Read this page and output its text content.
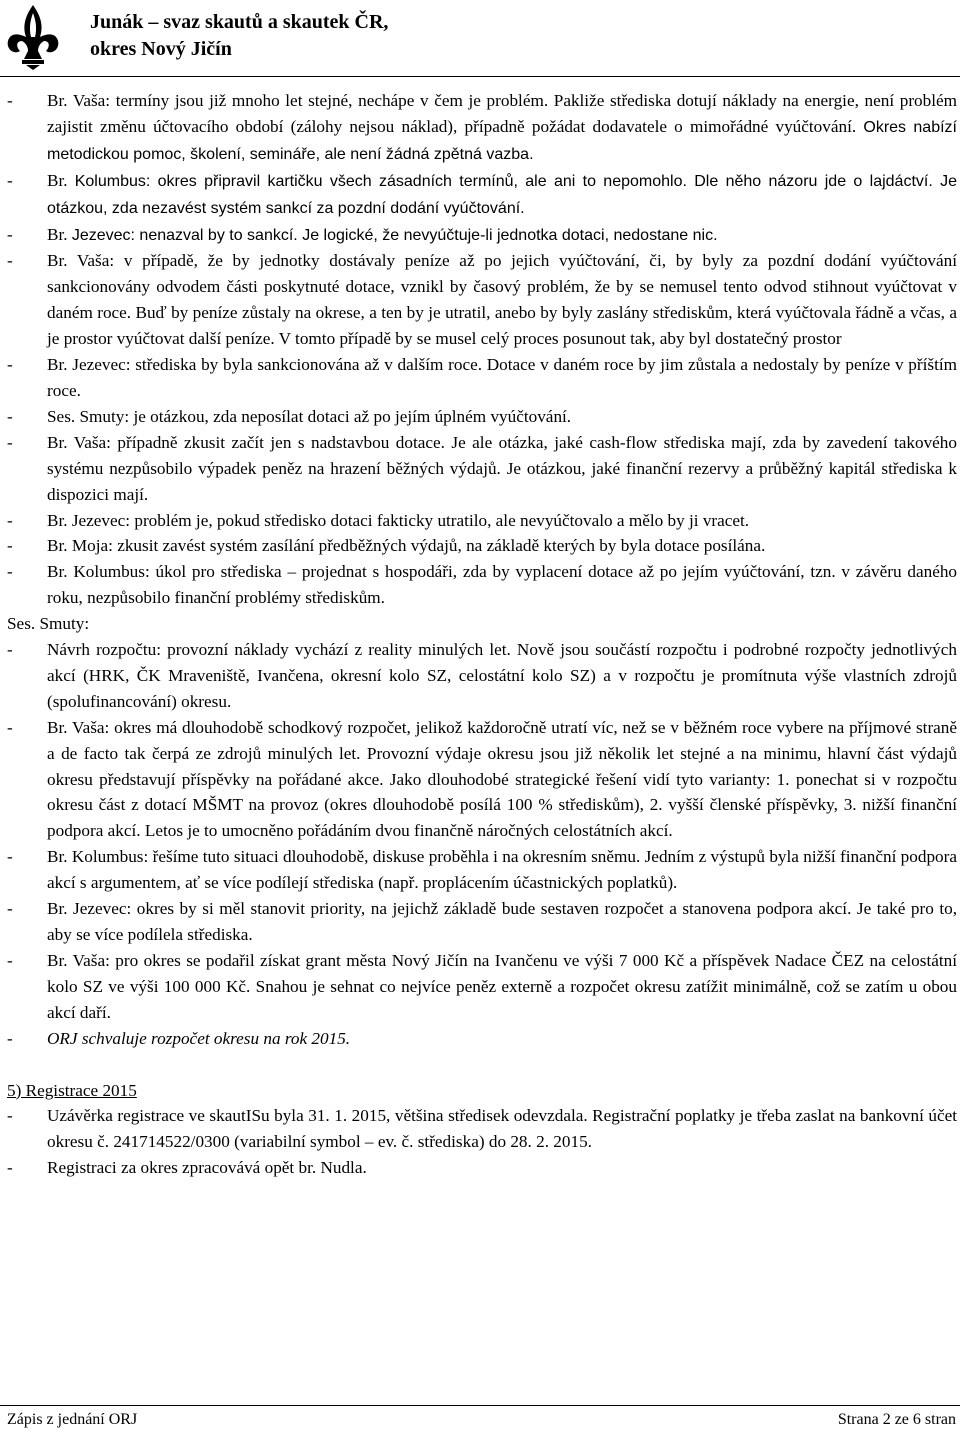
Junák – svaz skautů a skautek ČR,
okres Nový Jičín
- Br. Vaša: termíny jsou již mnoho let stejné, nechápe v čem je problém. Pakliže střediska dotují náklady na energie, není problém zajistit změnu účtovacího období (zálohy nejsou náklad), případně požádat dodavatele o mimořádné vyúčtování. Okres nabízí metodickou pomoc, školení, semináře, ale není žádná zpětná vazba.
- Br. Kolumbus: okres připravil kartičku všech zásadních termínů, ale ani to nepomohlo. Dle něho názoru jde o lajdáctví. Je otázkou, zda nezavést systém sankcí za pozdní dodání vyúčtování.
- Br. Jezevec: nenazval by to sankcí. Je logické, že nevyúčtuje-li jednotka dotaci, nedostane nic.
- Br. Vaša: v případě, že by jednotky dostávaly peníze až po jejich vyúčtování, či, by byly za pozdní dodání vyúčtování sankcionovány odvodem části poskytnuté dotace, vznikl by časový problém, že by se nemusel tento odvod stihnout vyúčtovat v daném roce. Buď by peníze zůstaly na okrese, a ten by je utratil, anebo by byly zaslány střediskům, která vyúčtovala řádně a včas, a je prostor vyúčtovat další peníze. V tomto případě by se musel celý proces posunout tak, aby byl dostatečný prostor
- Br. Jezevec: střediska by byla sankcionována až v dalším roce. Dotace v daném roce by jim zůstala a nedostaly by peníze v příštím roce.
- Ses. Smuty: je otázkou, zda neposílat dotaci až po jejím úplném vyúčtování.
- Br. Vaša: případně zkusit začít jen s nadstavbou dotace. Je ale otázka, jaké cash-flow střediska mají, zda by zavedení takového systému nezpůsobilo výpadek peněz na hrazení běžných výdajů. Je otázkou, jaké finanční rezervy a průběžný kapitál střediska k dispozici mají.
- Br. Jezevec: problém je, pokud středisko dotaci fakticky utratilo, ale nevyúčtovalo a mělo by ji vracet.
- Br. Moja: zkusit zavést systém zasílání předběžných výdajů, na základě kterých by byla dotace posílána.
- Br. Kolumbus: úkol pro střediska – projednat s hospodáři, zda by vyplacení dotace až po jejím vyúčtování, tzn. v závěru daného roku, nezpůsobilo finanční problémy střediskům.
Ses. Smuty:
- Návrh rozpočtu: provozní náklady vychází z reality minulých let. Nově jsou součástí rozpočtu i podrobné rozpočty jednotlivých akcí (HRK, ČK Mraveniště, Ivančena, okresní kolo SZ, celostátní kolo SZ) a v rozpočtu je promítnuta výše vlastních zdrojů (spolufinancování) okresu.
- Br. Vaša: okres má dlouhodobě schodkový rozpočet, jelikož každoročně utratí víc, než se v běžném roce vybere na příjmové straně a de facto tak čerpá ze zdrojů minulých let. Provozní výdaje okresu jsou již několik let stejné a na minimu, hlavní část výdajů okresu představují příspěvky na pořádané akce. Jako dlouhodobé strategické řešení vidí tyto varianty: 1. ponechat si v rozpočtu okresu část z dotací MŠMT na provoz (okres dlouhodobě posílá 100 % střediskům), 2. vyšší členské příspěvky, 3. nižší finanční podpora akcí. Letos je to umocněno pořádáním dvou finančně náročných celostátních akcí.
- Br. Kolumbus: řešíme tuto situaci dlouhodobě, diskuse proběhla i na okresním sněmu. Jedním z výstupů byla nižší finanční podpora akcí s argumentem, ať se více podílejí střediska (např. proplácením účastnických poplatků).
- Br. Jezevec: okres by si měl stanovit priority, na jejichž základě bude sestaven rozpočet a stanovena podpora akcí. Je také pro to, aby se více podílela střediska.
- Br. Vaša: pro okres se podařil získat grant města Nový Jičín na Ivančenu ve výši 7 000 Kč a příspěvek Nadace ČEZ na celostátní kolo SZ ve výši 100 000 Kč. Snahou je sehnat co nejvíce peněz externě a rozpočet okresu zatížit minimálně, což se zatím u obou akcí daří.
- ORJ schvaluje rozpočet okresu na rok 2015.
5) Registrace 2015
- Uzávěrka registrace ve skautISu byla 31. 1. 2015, většina středisek odevzdala. Registrační poplatky je třeba zaslat na bankovní účet okresu č. 241714522/0300 (variabilní symbol – ev. č. střediska) do 28. 2. 2015.
- Registraci za okres zpracovává opět br. Nudla.
Zápis z jednání ORJ	Strana 2 ze 6 stran
